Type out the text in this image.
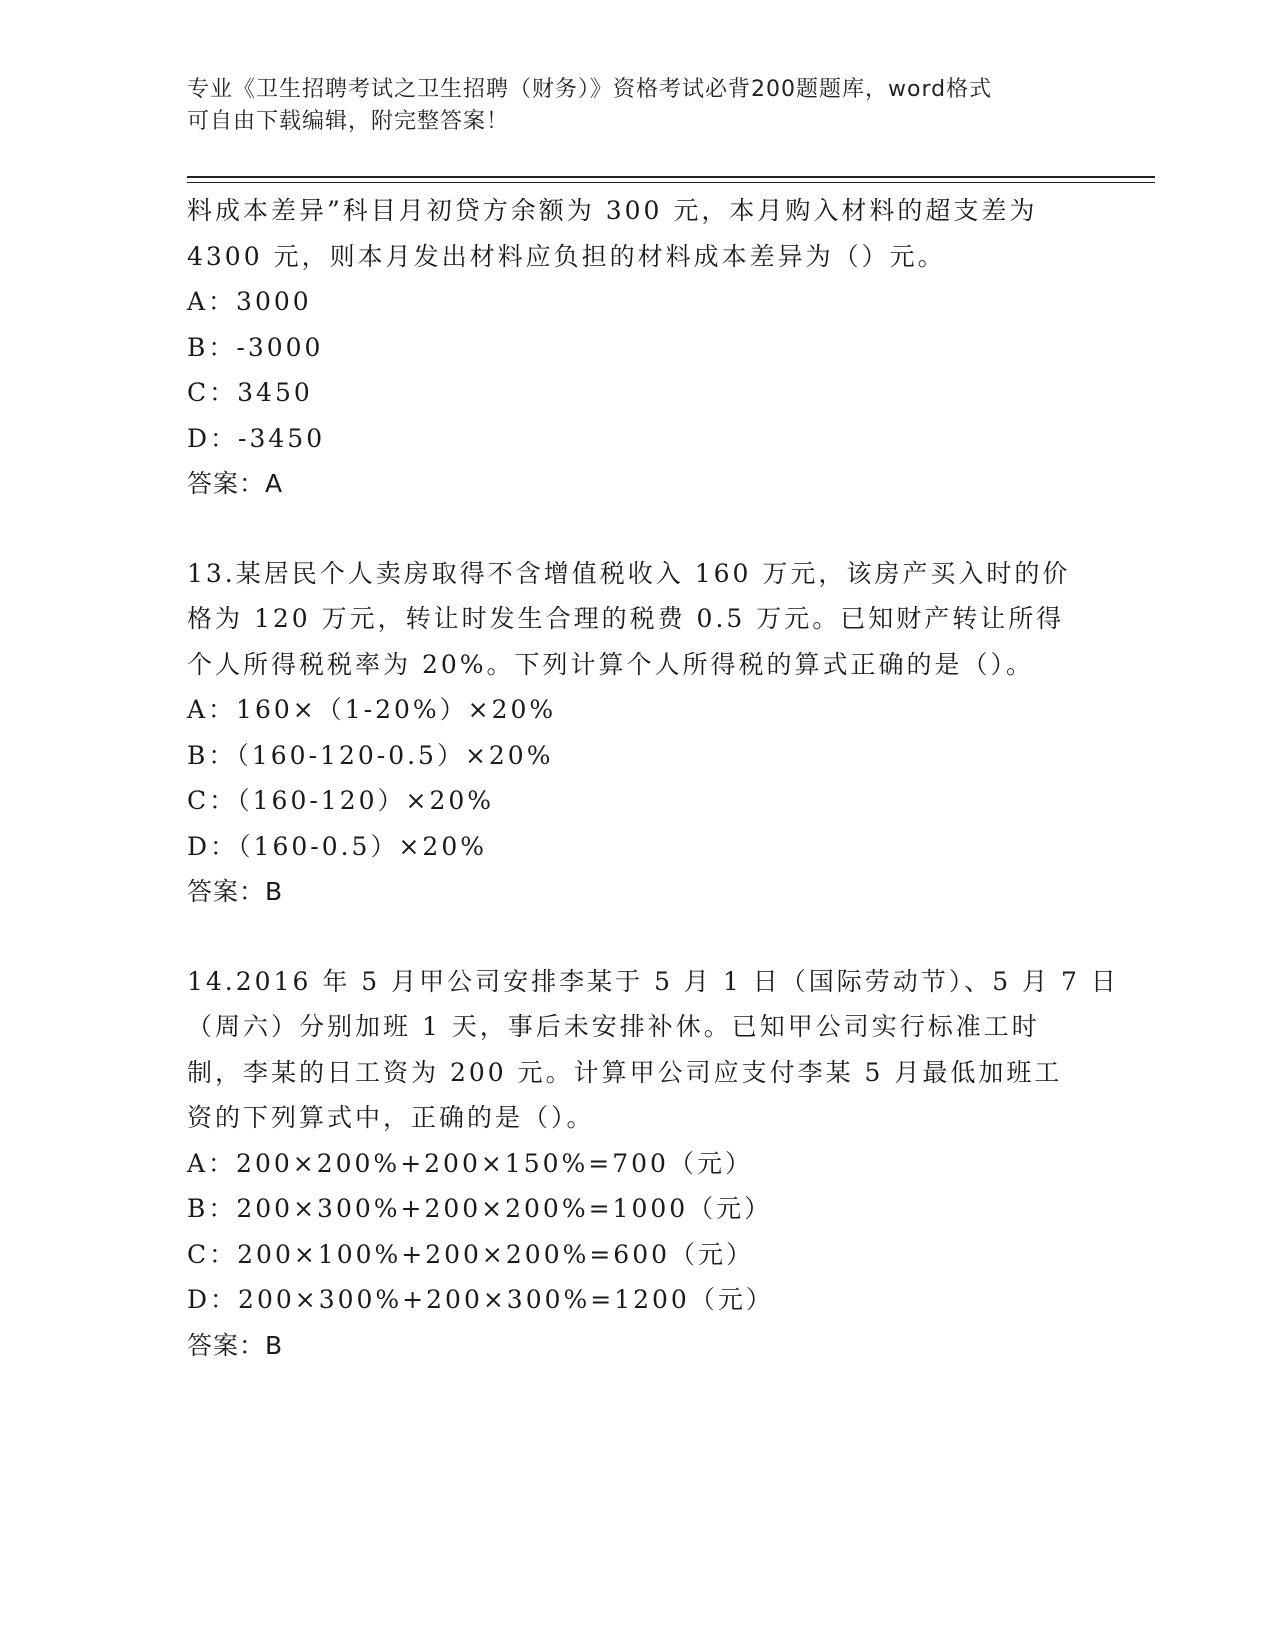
专业《卫生招聘考试之卫生招聘（财务）》资格考试必背200题题库，word格式
可自由下载编辑，附完整答案！
料成本差异”科目月初贷方余额为 300 元，本月购入材料的超支差为
4300 元，则本月发出材料应负担的材料成本差异为（）元。
A：3000
B：-3000
C：3450
D：-3450
答案：A
13.某居民个人卖房取得不含增值税收入 160 万元，该房产买入时的价
格为 120 万元，转让时发生合理的税费 0.5 万元。已知财产转让所得
个人所得税税率为 20%。下列计算个人所得税的算式正确的是（）。
A：160×（1-20%）×20%
B：（160-120-0.5）×20%
C：（160-120）×20%
D：（160-0.5）×20%
答案：B
14.2016 年 5 月甲公司安排李某于 5 月 1 日（国际劳动节）、5 月 7 日
（周六）分别加班 1 天，事后未安排补休。已知甲公司实行标准工时
制，李某的日工资为 200 元。计算甲公司应支付李某 5 月最低加班工
资的下列算式中，正确的是（）。
A：200×200%+200×150%=700（元）
B：200×300%+200×200%=1000（元）
C：200×100%+200×200%=600（元）
D：200×300%+200×300%=1200（元）
答案：B
